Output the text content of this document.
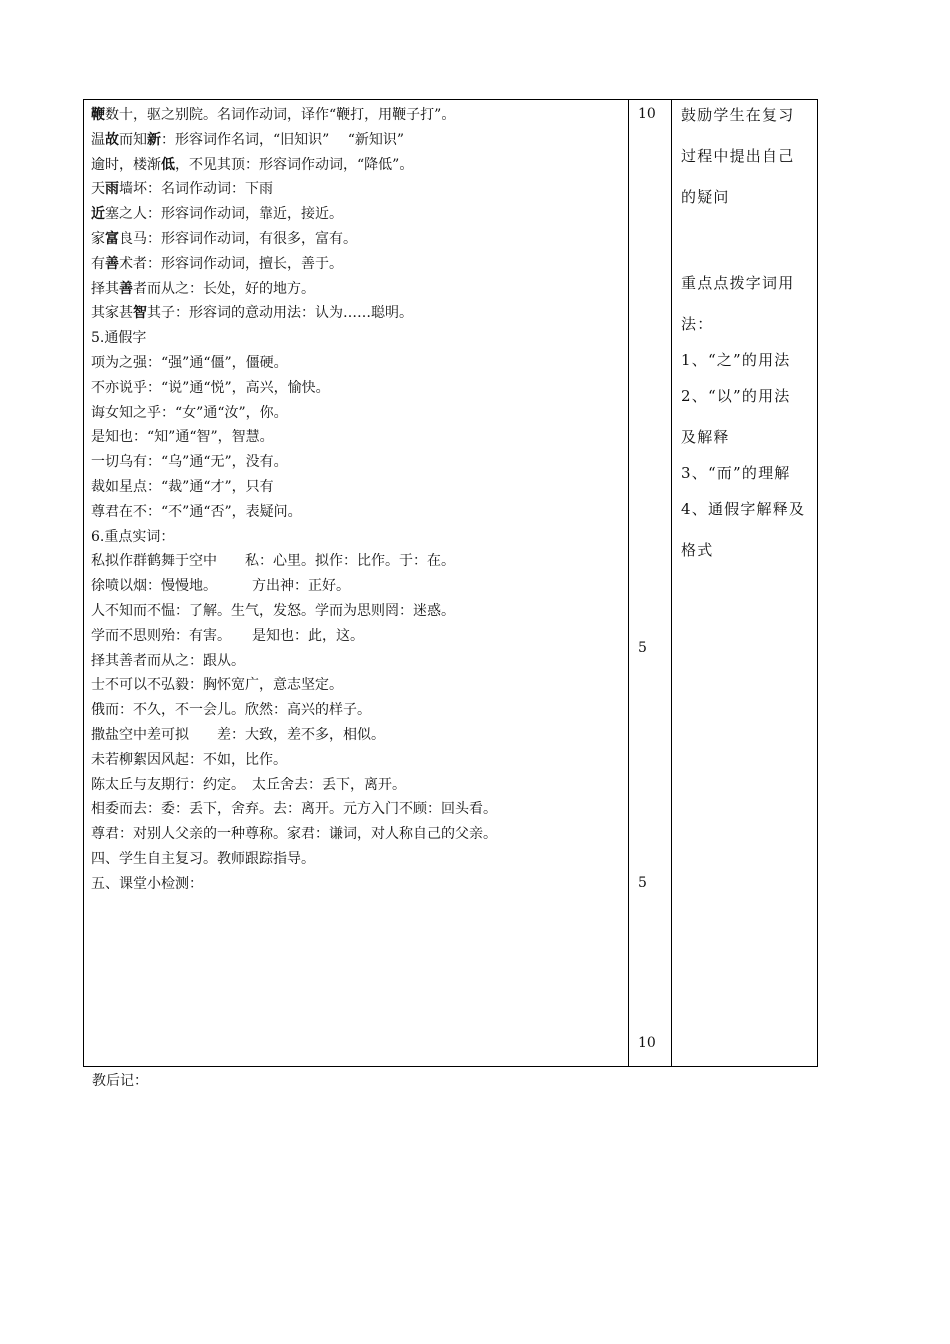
鞭数十，驱之别院。名词作动词，译作“鞭打，用鞭子打”。
温故而知新：形容词作名词，“旧知识”　 “新知识”
逾时，楼渐低，不见其顶：形容词作动词，“降低”。
天雨墙坏：名词作动词：下雨
近塞之人：形容词作动词，靠近，接近。
家富良马：形容词作动词，有很多，富有。
有善术者：形容词作动词，擅长，善于。
择其善者而从之：长处，好的地方。
其家甚智其子：形容词的意动用法：认为……聪明。
5.通假字
项为之强：“强”通“僵”，僵硬。
不亦说乎：“说”通“悦”，高兴，愉快。
诲女知之乎：“女”通“汝”，你。
是知也：“知”通“智”，智慧。
一切乌有：“乌”通“无”，没有。
裁如星点：“裁”通“才”，只有
尊君在不：“不”通“否”，表疑问。
6.重点实词：
私拟作群鹤舞于空中　　私：心里。拟作：比作。于：在。
徐喷以烟：慢慢地。　　　方出神：正好。
人不知而不愠：了解。生气，发怒。学而为思则罔：迷惑。
学而不思则殆：有害。　　是知也：此，这。
择其善者而从之：跟从。
士不可以不弘毅：胸怀宽广，意志坚定。
俄而：不久，不一会儿。欣然：高兴的样子。
撒盐空中差可拟　　差：大致，差不多，相似。
未若柳絮因风起：不如，比作。
陈太丘与友期行：约定。　太丘舍去：丢下，离开。
相委而去：委：丢下，舍弃。去：离开。元方入门不顾：回头看。
尊君：对别人父亲的一种尊称。家君：谦词，对人称自己的父亲。
四、学生自主复习。教师跟踪指导。
五、课堂小检测：
10
5
5
10
鼓励学生在复习
过程中提出自己
的疑问
重点点拨字词用
法：
1、“之”的用法
2、“以”的用法
及解释
3、“而”的理解
4、通假字解释及
格式
教后记：
